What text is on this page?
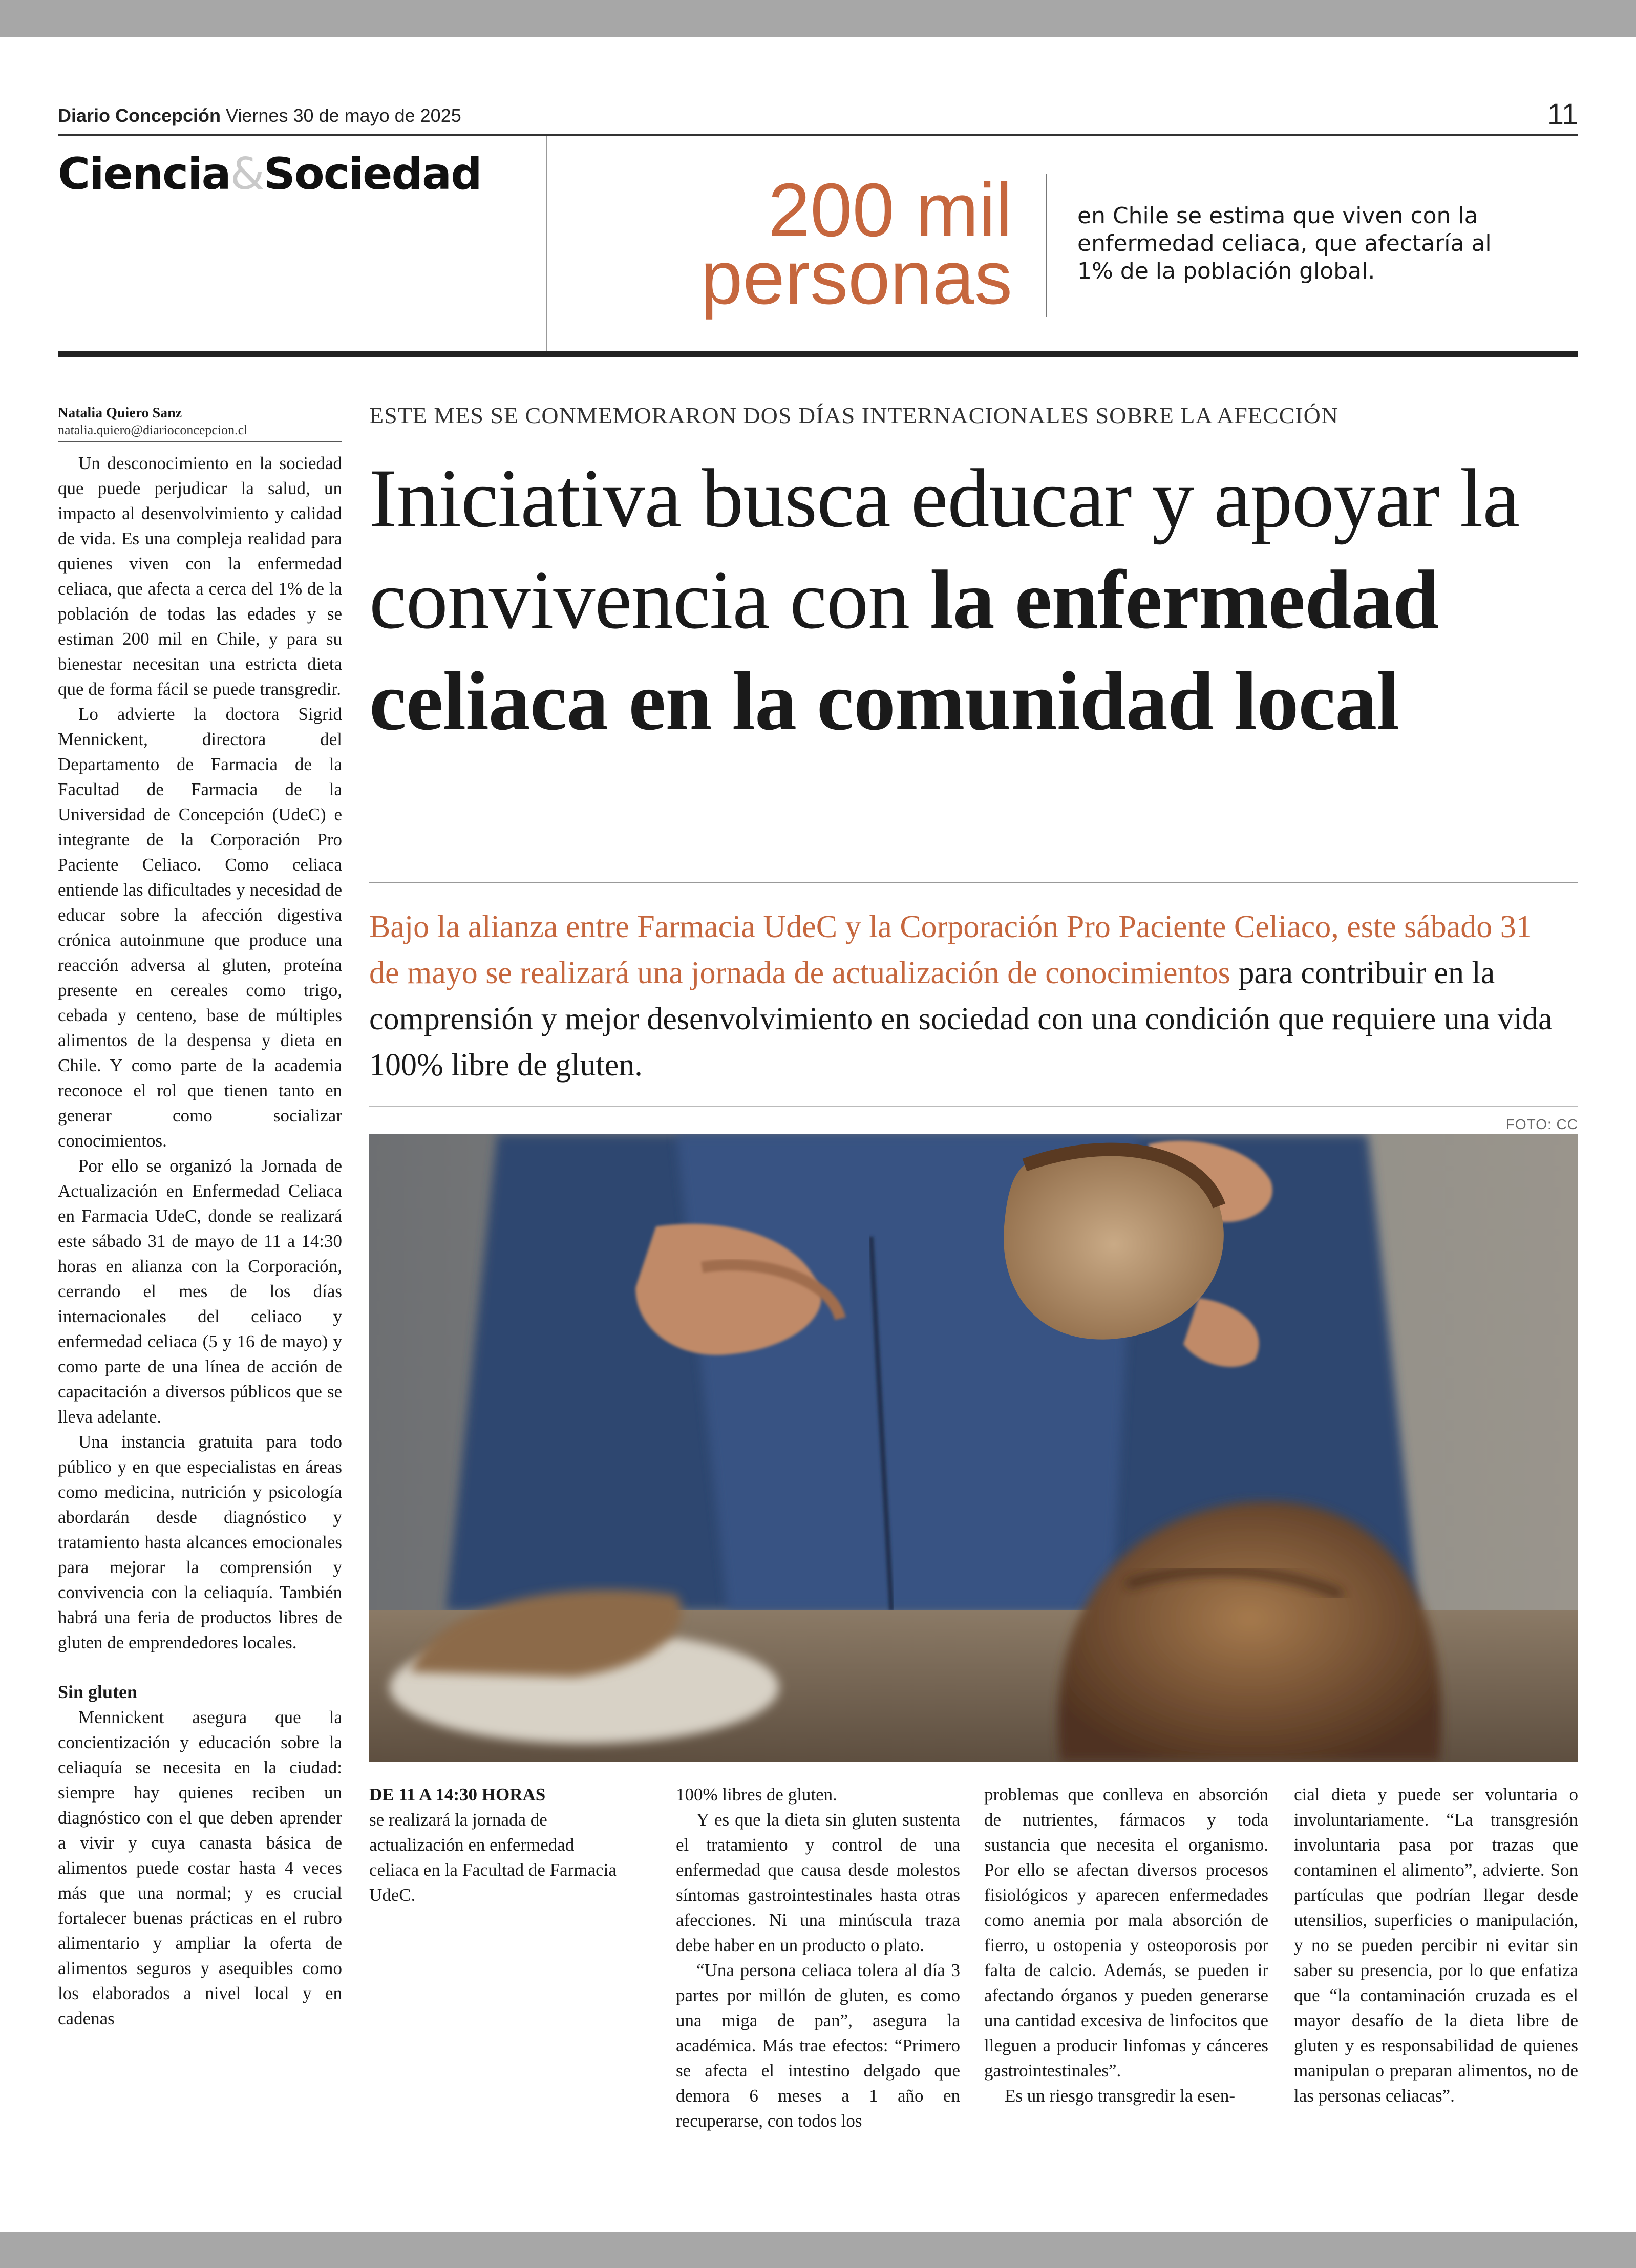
Diario Concepción Viernes 30 de mayo de 2025	11
Ciencia&Sociedad	200 mil
personas
en Chile se estima que viven con la enfermedad celiaca, que afectaría al 1% de la población global.
Natalia Quiero Sanz
natalia.quiero@diarioconcepcion.cl
ESTE MES SE CONMEMORARON DOS DÍAS INTERNACIONALES SOBRE LA AFECCIÓN
Iniciativa busca educar y apoyar la convivencia con la enfermedad celiaca en la comunidad local
Bajo la alianza entre Farmacia UdeC y la Corporación Pro Paciente Celiaco, este sábado 31 de mayo se realizará una jornada de actualización de conocimientos para contribuir en la comprensión y mejor desenvolvimiento en sociedad con una condición que requiere una vida 100% libre de gluten.
FOTO: CC
DE 11 A 14:30 HORAS
se realizará la jornada de actualización en enfermedad celiaca en la Facultad de Farmacia UdeC.

Un desconocimiento en la sociedad que puede perjudicar la salud, un impacto al desenvolvimiento y calidad de vida. Es una compleja realidad para quienes viven con la enfermedad celiaca, que afecta a cerca del 1% de la población de todas las edades y se estiman 200 mil en Chile, y para su bienestar necesitan una estricta dieta que de forma fácil se puede transgredir.

Lo advierte la doctora Sigrid Mennickent, directora del Departamento de Farmacia de la Facultad de Farmacia de la Universidad de Concepción (UdeC) e integrante de la Corporación Pro Paciente Celiaco. Como celiaca entiende las dificultades y necesidad de educar sobre la afección digestiva crónica autoinmune que produce una reacción adversa al gluten, proteína presente en cereales como trigo, cebada y centeno, base de múltiples alimentos de la despensa y dieta en Chile. Y como parte de la academia reconoce el rol que tienen tanto en generar como socializar conocimientos.

Por ello se organizó la Jornada de Actualización en Enfermedad Celiaca en Farmacia UdeC, donde se realizará este sábado 31 de mayo de 11 a 14:30 horas en alianza con la Corporación, cerrando el mes de los días internacionales del celiaco y enfermedad celiaca (5 y 16 de mayo) y como parte de una línea de acción de capacitación a diversos públicos que se lleva adelante.

Una instancia gratuita para todo público y en que especialistas en áreas como medicina, nutrición y psicología abordarán desde diagnóstico y tratamiento hasta alcances emocionales para mejorar la comprensión y convivencia con la celiaquía. También habrá una feria de productos libres de gluten de emprendedores locales.

Sin gluten

Mennickent asegura que la concientización y educación sobre la celiaquía se necesita en la ciudad: siempre hay quienes reciben un diagnóstico con el que deben aprender a vivir y cuya canasta básica de alimentos puede costar hasta 4 veces más que una normal; y es crucial fortalecer buenas prácticas en el rubro alimentario y ampliar la oferta de alimentos seguros y asequibles como los elaborados a nivel local y en cadenas

100% libres de gluten.

Y es que la dieta sin gluten sustenta el tratamiento y control de una enfermedad que causa desde molestos síntomas gastrointestinales hasta otras afecciones. Ni una minúscula traza debe haber en un producto o plato.

“Una persona celiaca tolera al día 3 partes por millón de gluten, es como una miga de pan”, asegura la académica. Más trae efectos: “Primero se afecta el intestino delgado que demora 6 meses a 1 año en recuperarse, con todos los

problemas que conlleva en absorción de nutrientes, fármacos y toda sustancia que necesita el organismo. Por ello se afectan diversos procesos fisiológicos y aparecen enfermedades como anemia por mala absorción de fierro, u ostopenia y osteoporosis por falta de calcio. Además, se pueden ir afectando órganos y pueden generarse una cantidad excesiva de linfocitos que lleguen a producir linfomas y cánceres gastrointestinales”.

Es un riesgo transgredir la esen-

cial dieta y puede ser voluntaria o involuntariamente. “La transgresión involuntaria pasa por trazas que contaminen el alimento”, advierte. Son partículas que podrían llegar desde utensilios, superficies o manipulación, y no se pueden percibir ni evitar sin saber su presencia, por lo que enfatiza que “la contaminación cruzada es el mayor desafío de la dieta libre de gluten y es responsabilidad de quienes manipulan o preparan alimentos, no de las personas celiacas”.
